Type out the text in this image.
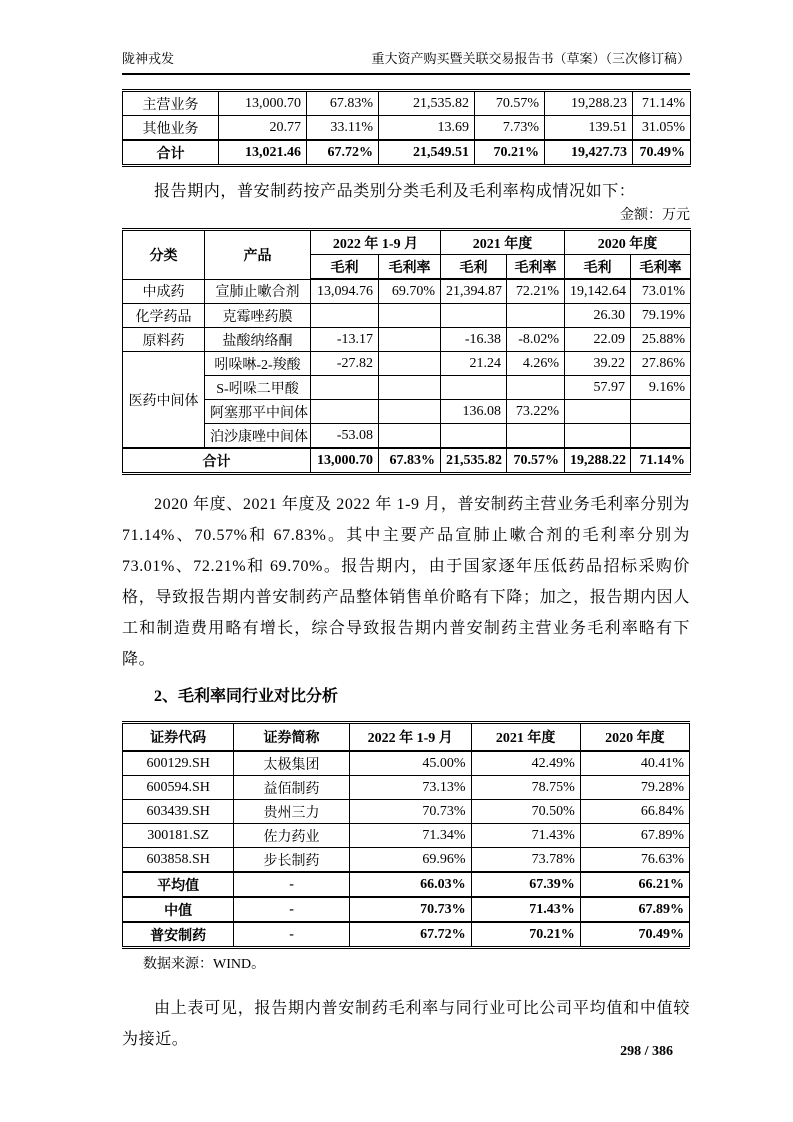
陇神戎发	重大资产购买暨关联交易报告书（草案）（三次修订稿）
主营业务	13,000.70	67.83%	21,535.82	70.57%	19,288.23	71.14%
其他业务	20.77	33.11%	13.69	7.73%	139.51	31.05%
合计	13,021.46	67.72%	21,549.51	70.21%	19,427.73	70.49%

报告期内，普安制药按产品类别分类毛利及毛利率构成情况如下：

金额：万元
分类	产品	2022 年 1-9 月		2021 年度		2020 年度	
		毛利	毛利率	毛利	毛利率	毛利	毛利率
中成药	宣肺止嗽合剂	13,094.76	69.70%	21,394.87	72.21%	19,142.64	73.01%
化学药品	克霉唑药膜					26.30	79.19%
原料药	盐酸纳络酮	-13.17		-16.38	-8.02%	22.09	25.88%
医药中间体	吲哚啉-2-羧酸	-27.82		21.24	4.26%	39.22	27.86%
	S-吲哚二甲酸					57.97	9.16%
	阿塞那平中间体			136.08	73.22%		
	泊沙康唑中间体	-53.08					
合计		13,000.70	67.83%	21,535.82	70.57%	19,288.22	71.14%

2020 年度、2021 年度及 2022 年 1-9 月，普安制药主营业务毛利率分别为 71.14%、70.57%和 67.83%。其中主要产品宣肺止嗽合剂的毛利率分别为 73.01%、72.21%和 69.70%。报告期内，由于国家逐年压低药品招标采购价格，导致报告期内普安制药产品整体销售单价略有下降；加之，报告期内因人工和制造费用略有增长，综合导致报告期内普安制药主营业务毛利率略有下降。

2、毛利率同行业对比分析
证券代码	证券简称	2022 年 1-9 月	2021 年度	2020 年度
600129.SH	太极集团	45.00%	42.49%	40.41%
600594.SH	益佰制药	73.13%	78.75%	79.28%
603439.SH	贵州三力	70.73%	70.50%	66.84%
300181.SZ	佐力药业	71.34%	71.43%	67.89%
603858.SH	步长制药	69.96%	73.78%	76.63%
平均值	-	66.03%	67.39%	66.21%
中值	-	70.73%	71.43%	67.89%
普安制药	-	67.72%	70.21%	70.49%

数据来源：WIND。

由上表可见，报告期内普安制药毛利率与同行业可比公司平均值和中值较为接近。

298 / 386
